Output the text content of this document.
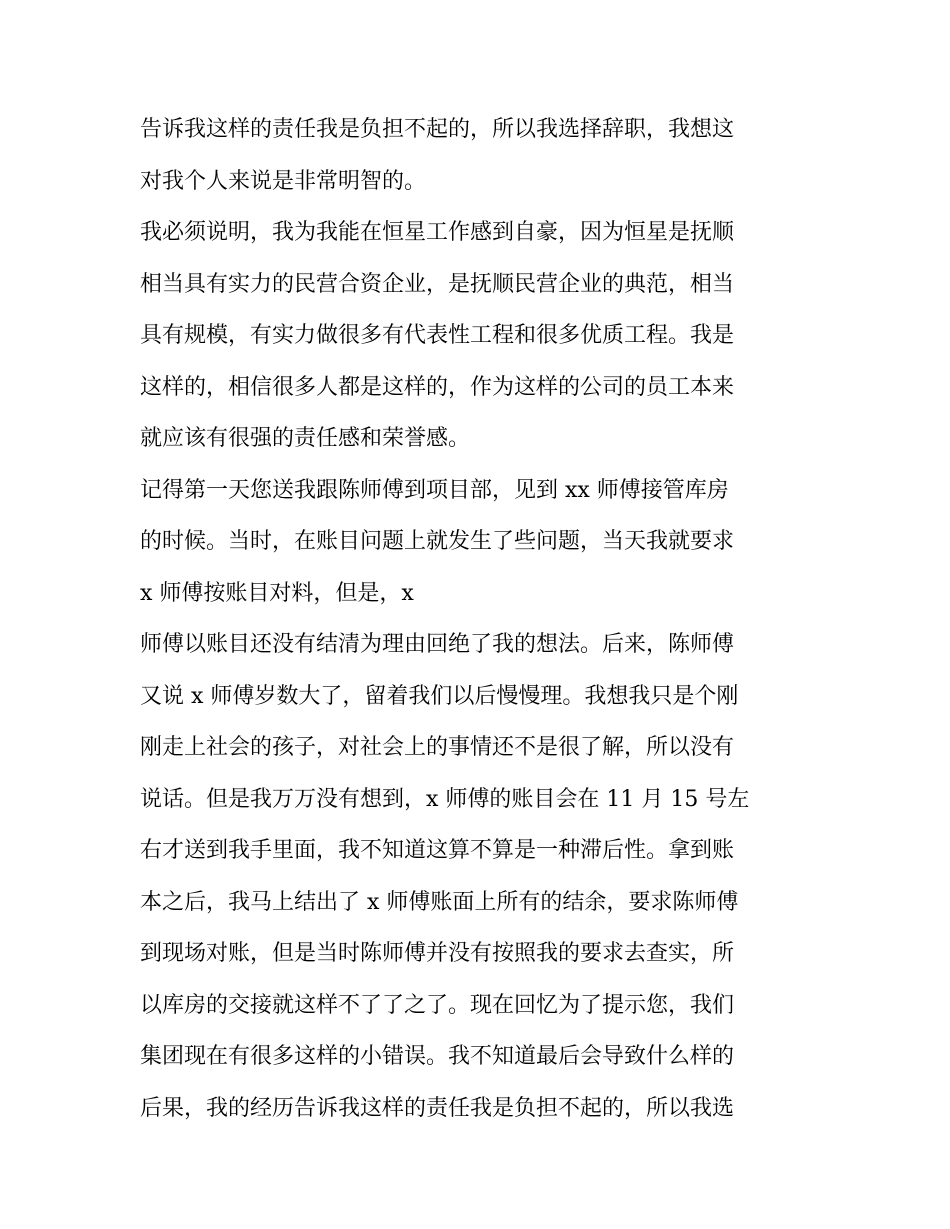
告诉我这样的责任我是负担不起的，所以我选择辞职，我想这

对我个人来说是非常明智的。

我必须说明，我为我能在恒星工作感到自豪，因为恒星是抚顺

相当具有实力的民营合资企业，是抚顺民营企业的典范，相当

具有规模，有实力做很多有代表性工程和很多优质工程。我是

这样的，相信很多人都是这样的，作为这样的公司的员工本来

就应该有很强的责任感和荣誉感。

记得第一天您送我跟陈师傅到项目部，见到 xx 师傅接管库房

的时候。当时，在账目问题上就发生了些问题，当天我就要求

x 师傅按账目对料，但是，x

师傅以账目还没有结清为理由回绝了我的想法。后来，陈师傅

又说 x 师傅岁数大了，留着我们以后慢慢理。我想我只是个刚

刚走上社会的孩子，对社会上的事情还不是很了解，所以没有

说话。但是我万万没有想到，x 师傅的账目会在 11 月 15 号左

右才送到我手里面，我不知道这算不算是一种滞后性。拿到账

本之后，我马上结出了 x 师傅账面上所有的结余，要求陈师傅

到现场对账，但是当时陈师傅并没有按照我的要求去查实，所

以库房的交接就这样不了了之了。现在回忆为了提示您，我们

集团现在有很多这样的小错误。我不知道最后会导致什么样的

后果，我的经历告诉我这样的责任我是负担不起的，所以我选
